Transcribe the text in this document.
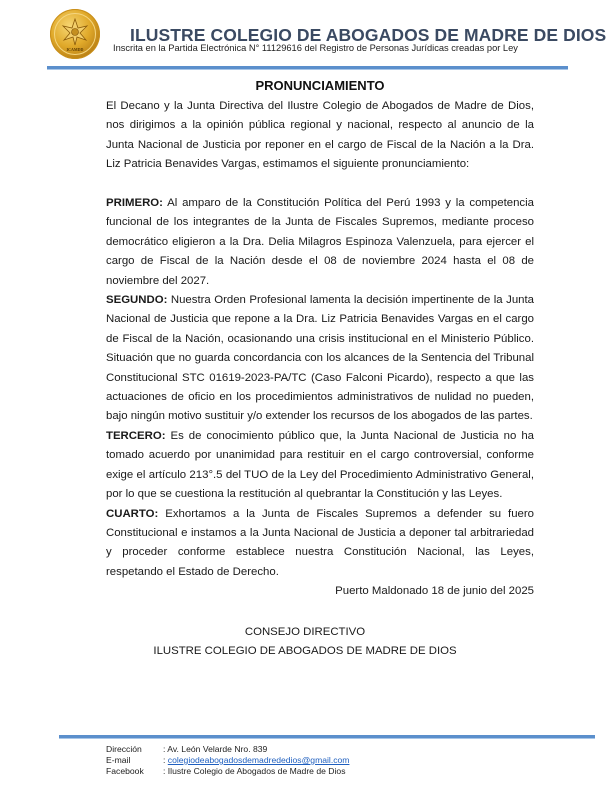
ICAMDD
ILUSTRE COLEGIO DE ABOGADOS DE MADRE DE DIOS
Inscrita en la Partida Electrónica N° 11129616 del Registro de Personas Jurídicas creadas por Ley
PRONUNCIAMIENTO

El Decano y la Junta Directiva del Ilustre Colegio de Abogados de Madre de Dios, nos dirigimos a la opinión pública regional y nacional, respecto al anuncio de la Junta Nacional de Justicia por reponer en el cargo de Fiscal de la Nación a la Dra. Liz Patricia Benavides Vargas, estimamos el siguiente pronunciamiento:

PRIMERO: Al amparo de la Constitución Política del Perú 1993 y la competencia funcional de los integrantes de la Junta de Fiscales Supremos, mediante proceso democrático eligieron a la Dra. Delia Milagros Espinoza Valenzuela, para ejercer el cargo de Fiscal de la Nación desde el 08 de noviembre 2024 hasta el 08 de noviembre del 2027.

SEGUNDO: Nuestra Orden Profesional lamenta la decisión impertinente de la Junta Nacional de Justicia que repone a la Dra. Liz Patricia Benavides Vargas en el cargo de Fiscal de la Nación, ocasionando una crisis institucional en el Ministerio Público. Situación que no guarda concordancia con los alcances de la Sentencia del Tribunal Constitucional STC 01619-2023-PA/TC (Caso Falconi Picardo), respecto a que las actuaciones de oficio en los procedimientos administrativos de nulidad no pueden, bajo ningún motivo sustituir y/o extender los recursos de los abogados de las partes.

TERCERO: Es de conocimiento público que, la Junta Nacional de Justicia no ha tomado acuerdo por unanimidad para restituir en el cargo controversial, conforme exige el artículo 213°.5 del TUO de la Ley del Procedimiento Administrativo General, por lo que se cuestiona la restitución al quebrantar la Constitución y las Leyes.

CUARTO: Exhortamos a la Junta de Fiscales Supremos a defender su fuero Constitucional e instamos a la Junta Nacional de Justicia a deponer tal arbitrariedad y proceder conforme establece nuestra Constitución Nacional, las Leyes, respetando el Estado de Derecho.

Puerto Maldonado 18 de junio del 2025

CONSEJO DIRECTIVO
ILUSTRE COLEGIO DE ABOGADOS DE MADRE DE DIOS
Dirección	: Av. León Velarde Nro. 839
E-mail	: colegiodeabogadosdemadrededios@gmail.com
Facebook	: Ilustre Colegio de Abogados de Madre de Dios
